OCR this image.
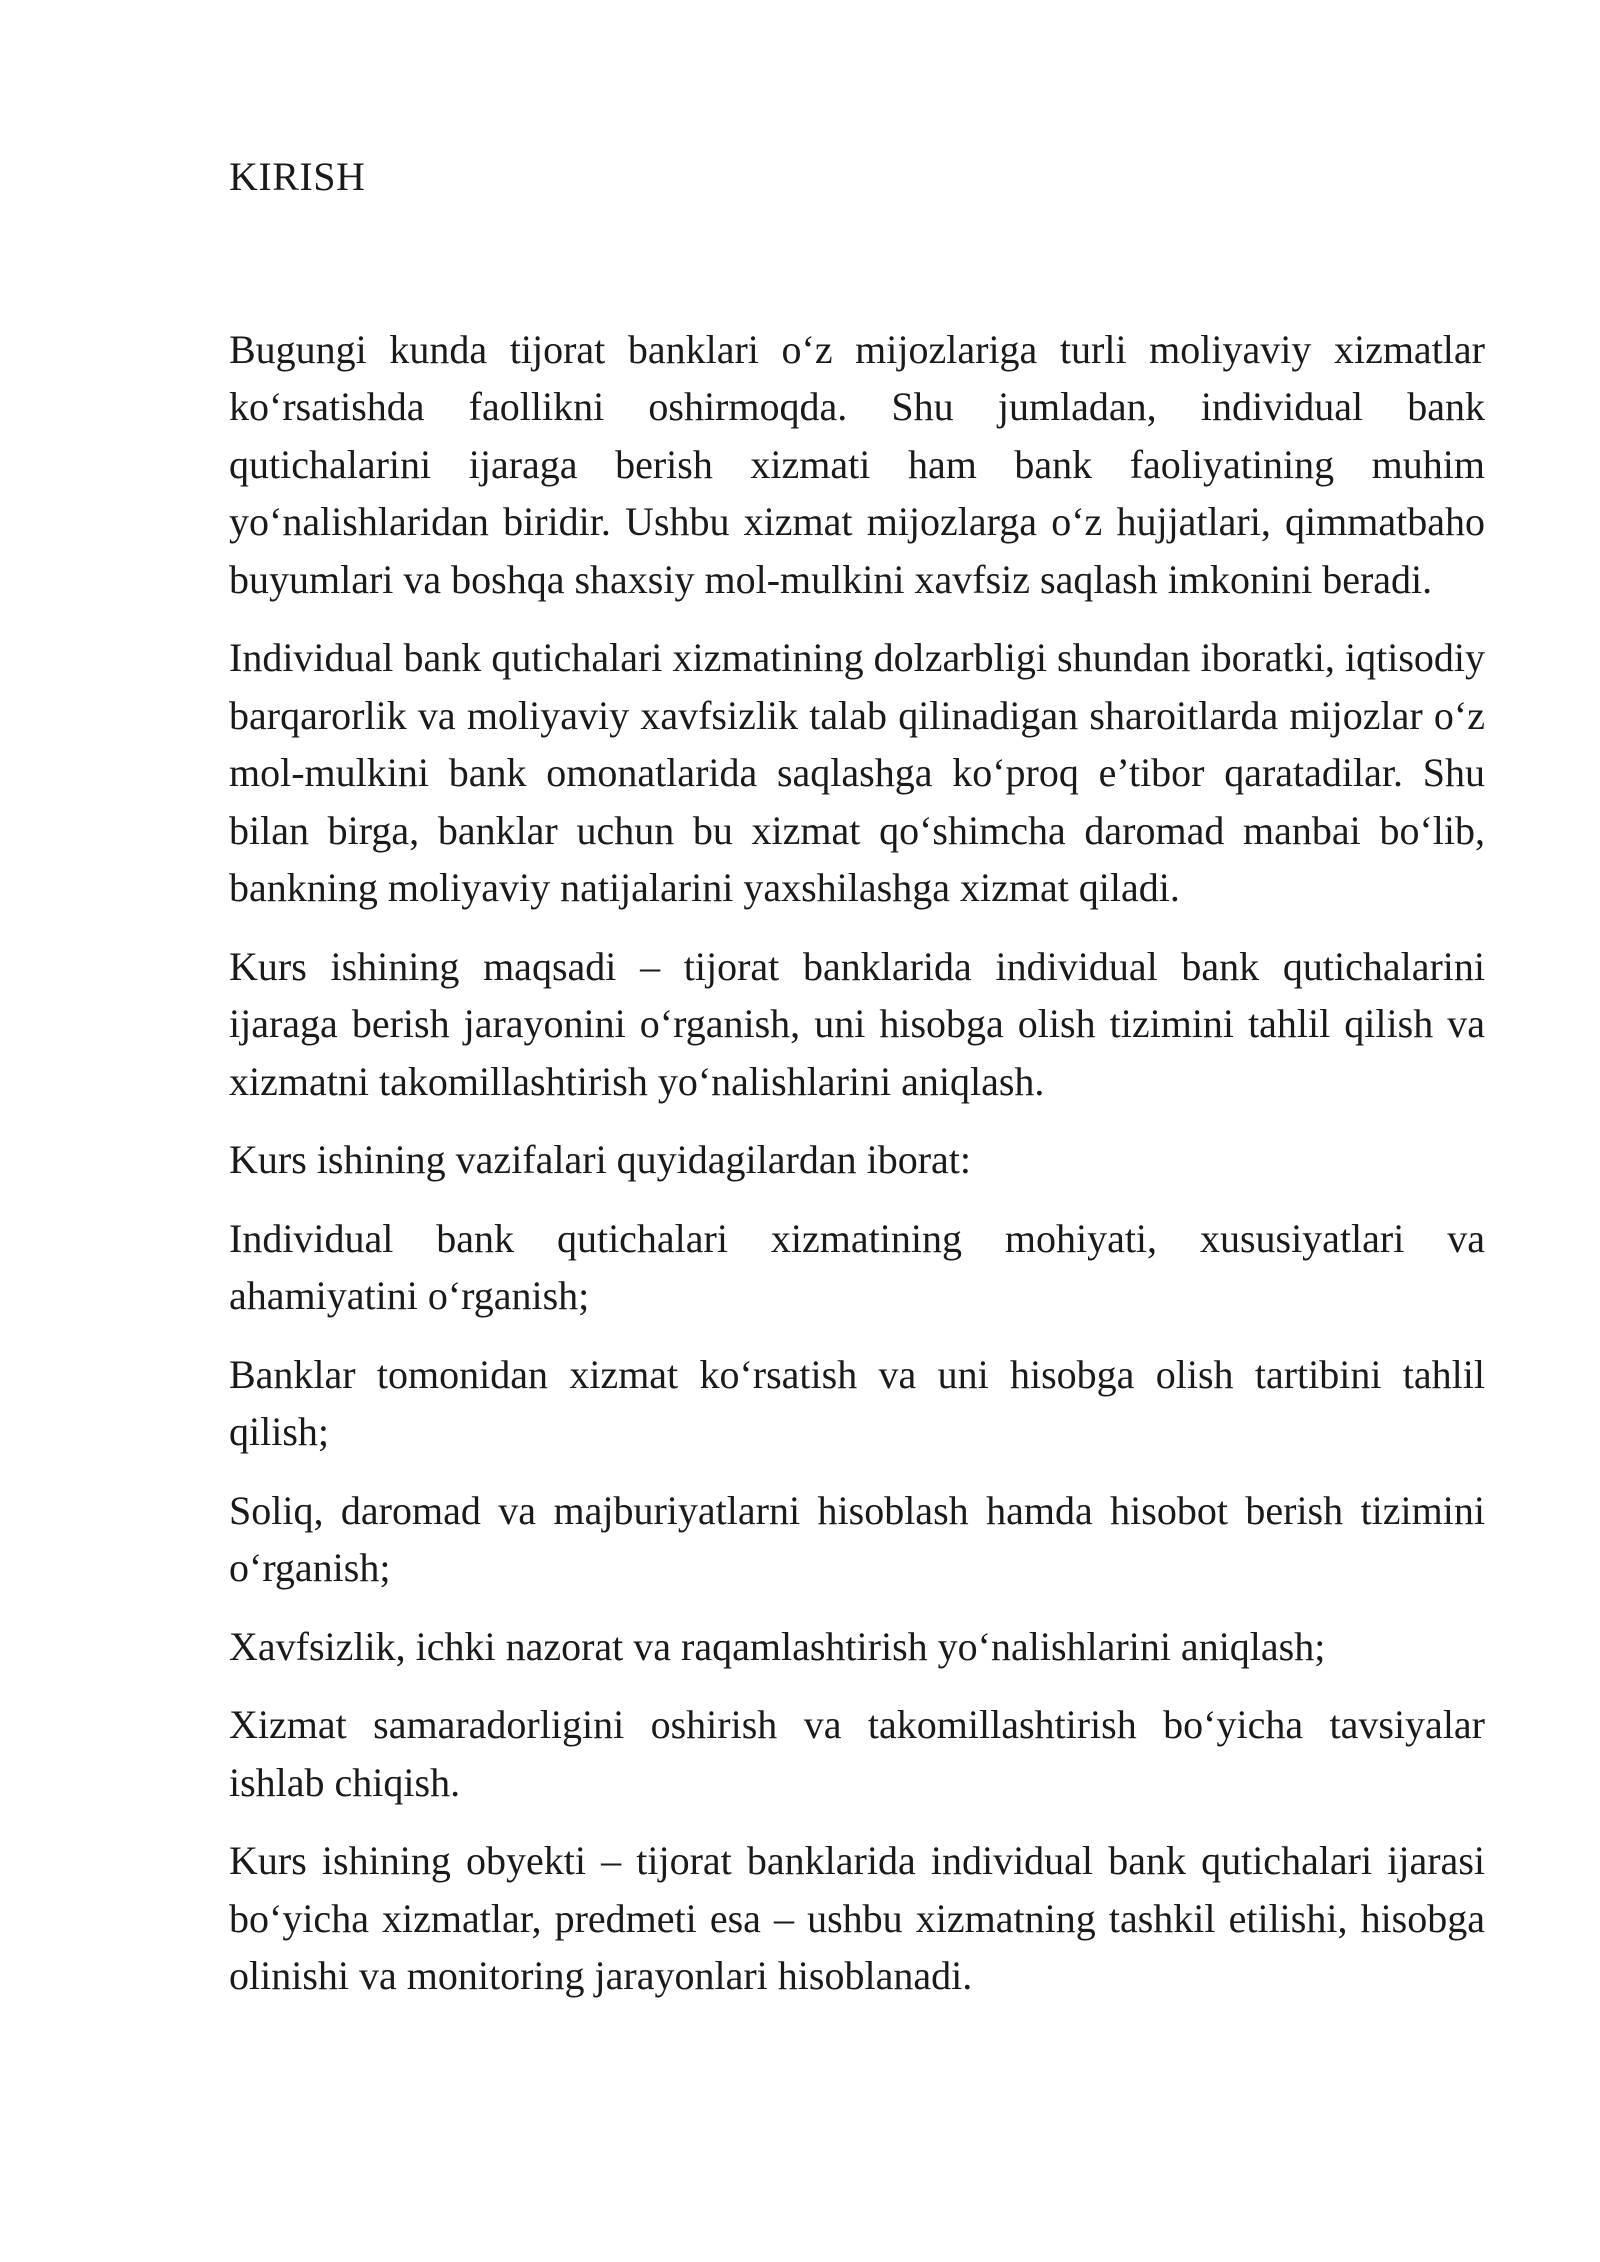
KIRISH

Bugungi kunda tijorat banklari o‘z mijozlariga turli moliyaviy xizmatlar ko‘rsatishda faollikni oshirmoqda. Shu jumladan, individual bank qutichalarini ijaraga berish xizmati ham bank faoliyatining muhim yo‘nalishlaridan biridir. Ushbu xizmat mijozlarga o‘z hujjatlari, qimmatbaho buyumlari va boshqa shaxsiy mol-mulkini xavfsiz saqlash imkonini beradi.

Individual bank qutichalari xizmatining dolzarbligi shundan iboratki, iqtisodiy barqarorlik va moliyaviy xavfsizlik talab qilinadigan sharoitlarda mijozlar o‘z mol-mulkini bank omonatlarida saqlashga ko‘proq e’tibor qaratadilar. Shu bilan birga, banklar uchun bu xizmat qo‘shimcha daromad manbai bo‘lib, bankning moliyaviy natijalarini yaxshilashga xizmat qiladi.

Kurs ishining maqsadi – tijorat banklarida individual bank qutichalarini ijaraga berish jarayonini o‘rganish, uni hisobga olish tizimini tahlil qilish va xizmatni takomillashtirish yo‘nalishlarini aniqlash.

Kurs ishining vazifalari quyidagilardan iborat:

Individual bank qutichalari xizmatining mohiyati, xususiyatlari va ahamiyatini o‘rganish;

Banklar tomonidan xizmat ko‘rsatish va uni hisobga olish tartibini tahlil qilish;

Soliq, daromad va majburiyatlarni hisoblash hamda hisobot berish tizimini o‘rganish;

Xavfsizlik, ichki nazorat va raqamlashtirish yo‘nalishlarini aniqlash;

Xizmat samaradorligini oshirish va takomillashtirish bo‘yicha tavsiyalar ishlab chiqish.

Kurs ishining obyekti – tijorat banklarida individual bank qutichalari ijarasi bo‘yicha xizmatlar, predmeti esa – ushbu xizmatning tashkil etilishi, hisobga olinishi va monitoring jarayonlari hisoblanadi.
